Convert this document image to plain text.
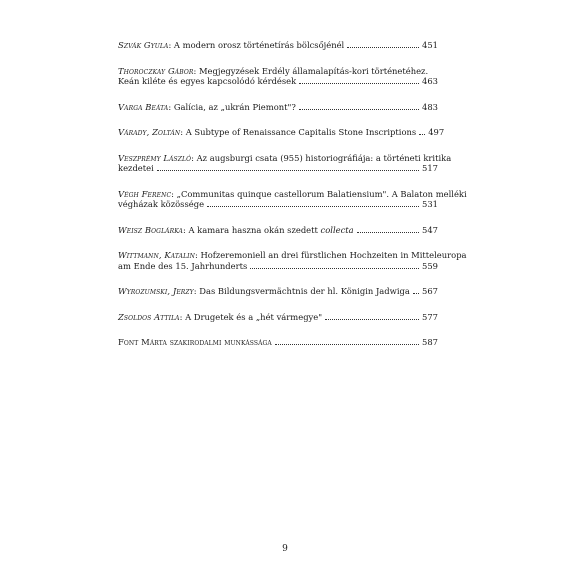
Szvák Gyula : A modern orosz történetírás bölcsőjénél	451
Thoroczkay Gábor : Megjegyzések Erdély államalapítás-kori történetéhez.
Keán kiléte és egyes kapcsolódó kérdések	463
Varga Beáta : Galícia, az „ukrán Piemont"?	483
Várady, Zoltán : A Subtype of Renaissance Capitalis Stone Inscriptions 497
Veszprémy László : Az augsburgi csata (955) historiográfiája: a történeti kritika
kezdetei	517
Végh Ferenc : „Communitas quinque castellorum Balatiensium". A Balaton melléki
végházak közössége	531
Weisz Boglárka : A kamara haszna okán szedett
collecta	547
Wittmann, Katalin : Hofzeremoniell an drei fürstlichen Hochzeiten in Mitteleuropa
am Ende des 15. Jahrhunderts	559
Wyrozumski, Jerzy : Das Bildungsvermächtnis der hl. Königin Jadwiga 567
Zsoldos Attila : A Drugetek és a „hét vármegye"	577
Font Márta szakirodalmi munkássága	587
9
